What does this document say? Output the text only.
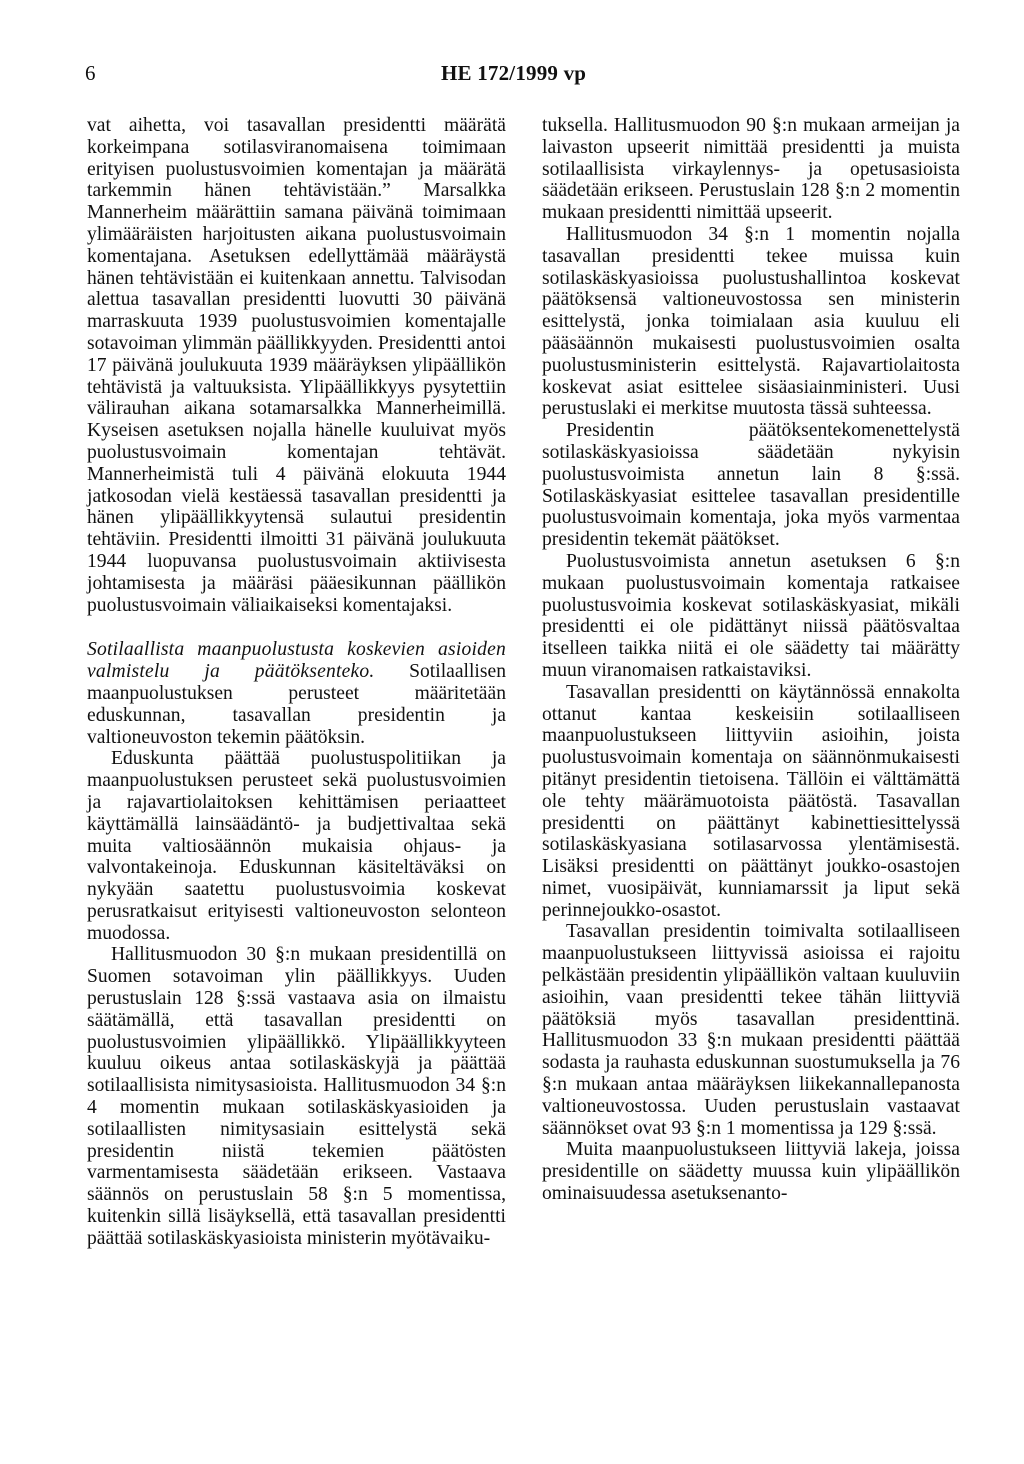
6	HE 172/1999 vp

vat aihetta, voi tasavallan presidentti määrätä korkeimpana sotilasviranomaisena toimimaan erityisen puolustusvoimien komentajan ja määrätä tarkemmin hänen tehtävistään.” Marsalkka Mannerheim määrättiin samana päivänä toimimaan ylimääräisten harjoitusten aikana puolustusvoimain komentajana. Asetuksen edellyttämää määräystä hänen tehtävistään ei kuitenkaan annettu. Talvisodan alettua tasavallan presidentti luovutti 30 päivänä marraskuuta 1939 puolustusvoimien komentajalle sotavoiman ylimmän päällikkyyden. Presidentti antoi 17 päivänä joulukuuta 1939 määräyksen ylipäällikön tehtävistä ja valtuuksista. Ylipäällikkyys pysytettiin välirauhan aikana sotamarsalkka Mannerheimillä. Kyseisen asetuksen nojalla hänelle kuuluivat myös puolustusvoimain komentajan tehtävät. Mannerheimistä tuli 4 päivänä elokuuta 1944 jatkosodan vielä kestäessä tasavallan presidentti ja hänen ylipäällikkyytensä sulautui presidentin tehtäviin. Presidentti ilmoitti 31 päivänä joulukuuta 1944 luopuvansa puolustusvoimain aktiivisesta johtamisesta ja määräsi pääesikunnan päällikön puolustusvoimain väliaikaiseksi komentajaksi.

Sotilaallista maanpuolustusta koskevien asioiden valmistelu ja päätöksenteko. Sotilaallisen maanpuolustuksen perusteet määritetään eduskunnan, tasavallan presidentin ja valtioneuvoston tekemin päätöksin.

Eduskunta päättää puolustuspolitiikan ja maanpuolustuksen perusteet sekä puolustusvoimien ja rajavartiolaitoksen kehittämisen periaatteet käyttämällä lainsäädäntö- ja budjettivaltaa sekä muita valtiosäännön mukaisia ohjaus- ja valvontakeinoja. Eduskunnan käsiteltäväksi on nykyään saatettu puolustusvoimia koskevat perusratkaisut erityisesti valtioneuvoston selonteon muodossa.

Hallitusmuodon 30 §:n mukaan presidentillä on Suomen sotavoiman ylin päällikkyys. Uuden perustuslain 128 §:ssä vastaava asia on ilmaistu säätämällä, että tasavallan presidentti on puolustusvoimien ylipäällikkö. Ylipäällikkyyteen kuuluu oikeus antaa sotilaskäskyjä ja päättää sotilaallisista nimitysasioista. Hallitusmuodon 34 §:n 4 momentin mukaan sotilaskäskyasioiden ja sotilaallisten nimitysasiain esittelystä sekä presidentin niistä tekemien päätösten varmentamisesta säädetään erikseen. Vastaava säännös on perustuslain 58 §:n 5 momentissa, kuitenkin sillä lisäyksellä, että tasavallan presidentti päättää sotilaskäskyasioista ministerin myötävaiku-

tuksella. Hallitusmuodon 90 §:n mukaan armeijan ja laivaston upseerit nimittää presidentti ja muista sotilaallisista virkaylennys- ja opetusasioista säädetään erikseen. Perustuslain 128 §:n 2 momentin mukaan presidentti nimittää upseerit.

Hallitusmuodon 34 §:n 1 momentin nojalla tasavallan presidentti tekee muissa kuin sotilaskäskyasioissa puolustushallintoa koskevat päätöksensä valtioneuvostossa sen ministerin esittelystä, jonka toimialaan asia kuuluu eli pääsäännön mukaisesti puolustusvoimien osalta puolustusministerin esittelystä. Rajavartiolaitosta koskevat asiat esittelee sisäasiainministeri. Uusi perustuslaki ei merkitse muutosta tässä suhteessa.

Presidentin päätöksentekomenettelystä sotilaskäskyasioissa säädetään nykyisin puolustusvoimista annetun lain 8 §:ssä. Sotilaskäskyasiat esittelee tasavallan presidentille puolustusvoimain komentaja, joka myös varmentaa presidentin tekemät päätökset.

Puolustusvoimista annetun asetuksen 6 §:n mukaan puolustusvoimain komentaja ratkaisee puolustusvoimia koskevat sotilaskäskyasiat, mikäli presidentti ei ole pidättänyt niissä päätösvaltaa itselleen taikka niitä ei ole säädetty tai määrätty muun viranomaisen ratkaistaviksi.

Tasavallan presidentti on käytännössä ennakolta ottanut kantaa keskeisiin sotilaalliseen maanpuolustukseen liittyviin asioihin, joista puolustusvoimain komentaja on säännönmukaisesti pitänyt presidentin tietoisena. Tällöin ei välttämättä ole tehty määrämuotoista päätöstä. Tasavallan presidentti on päättänyt kabinettiesittelyssä sotilaskäskyasiana sotilasarvossa ylentämisestä. Lisäksi presidentti on päättänyt joukko-osastojen nimet, vuosipäivät, kunniamarssit ja liput sekä perinnejoukko-osastot.

Tasavallan presidentin toimivalta sotilaalliseen maanpuolustukseen liittyvissä asioissa ei rajoitu pelkästään presidentin ylipäällikön valtaan kuuluviin asioihin, vaan presidentti tekee tähän liittyviä päätöksiä myös tasavallan presidenttinä. Hallitusmuodon 33 §:n mukaan presidentti päättää sodasta ja rauhasta eduskunnan suostumuksella ja 76 §:n mukaan antaa määräyksen liikekannallepanosta valtioneuvostossa. Uuden perustuslain vastaavat säännökset ovat 93 §:n 1 momentissa ja 129 §:ssä.

Muita maanpuolustukseen liittyviä lakeja, joissa presidentille on säädetty muussa kuin ylipäällikön ominaisuudessa asetuksenanto-
